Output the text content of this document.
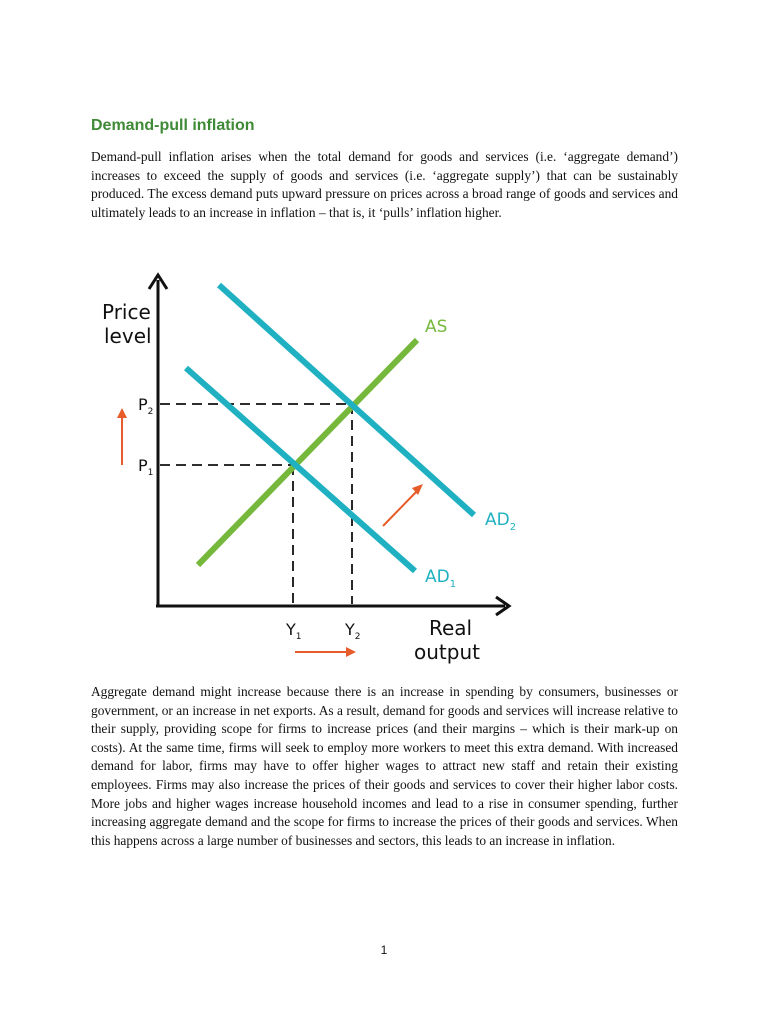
Demand-pull inflation

Demand-pull inflation arises when the total demand for goods and services (i.e. ‘aggregate demand’) increases to exceed the supply of goods and services (i.e. ‘aggregate supply’) that can be sustainably produced. The excess demand puts upward pressure on prices across a broad range of goods and services and ultimately leads to an increase in inflation – that is, it ‘pulls’ inflation higher.

Price
level
Real
output
AS
$AD_2$
$AD_1$
$P_2$
$P_1$
$Y_1$	$Y_2$

Aggregate demand might increase because there is an increase in spending by consumers, businesses or government, or an increase in net exports. As a result, demand for goods and services will increase relative to their supply, providing scope for firms to increase prices (and their margins – which is their mark-up on costs). At the same time, firms will seek to employ more workers to meet this extra demand. With increased demand for labor, firms may have to offer higher wages to attract new staff and retain their existing employees. Firms may also increase the prices of their goods and services to cover their higher labor costs. More jobs and higher wages increase household incomes and lead to a rise in consumer spending, further increasing aggregate demand and the scope for firms to increase the prices of their goods and services. When this happens across a large number of businesses and sectors, this leads to an increase in inflation.

1
